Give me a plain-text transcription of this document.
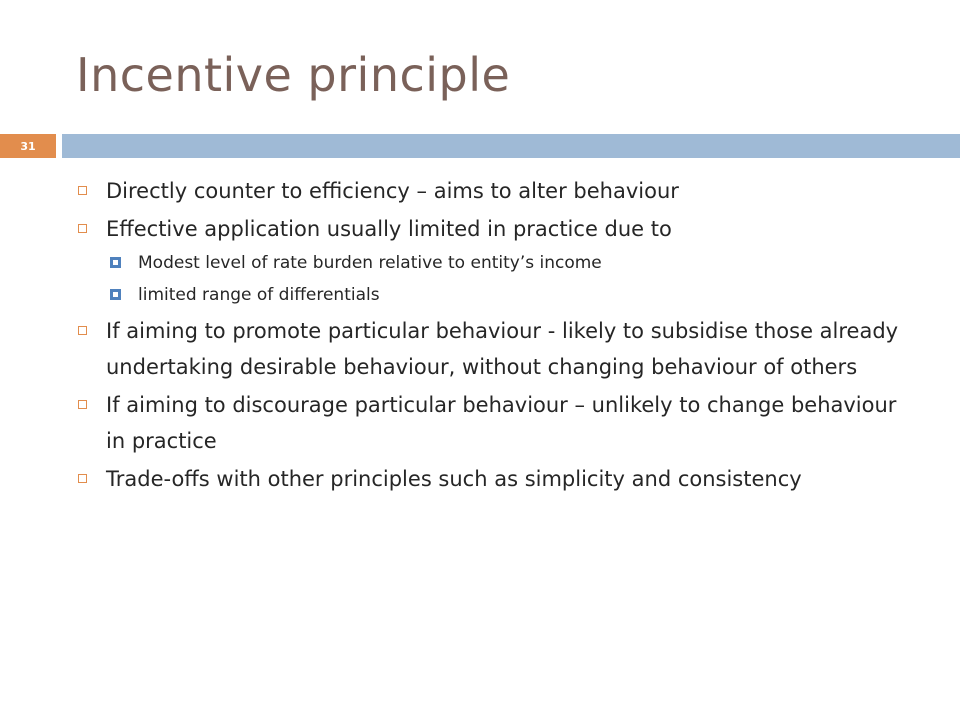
Incentive principle
31
Directly counter to efficiency – aims to alter behaviour
Effective application usually limited in practice due to
Modest level of rate burden relative to entity’s income
limited range of differentials
If aiming to promote particular behaviour - likely to subsidise those already undertaking desirable behaviour, without changing behaviour of others
If aiming to discourage particular behaviour – unlikely to change behaviour in practice
Trade-offs with other principles such as simplicity and consistency
